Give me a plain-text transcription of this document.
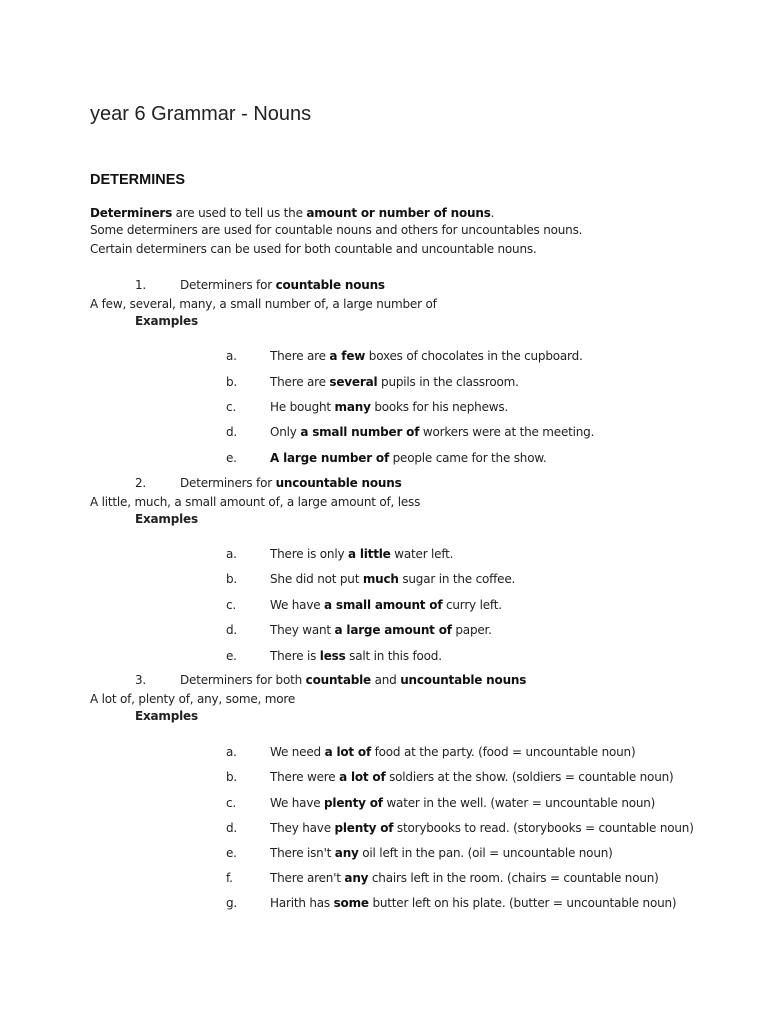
year 6 Grammar - Nouns
DETERMINES
Determiners are used to tell us the amount or number of nouns.
Some determiners are used for countable nouns and others for uncountables nouns.
Certain determiners can be used for both countable and uncountable nouns.
1.	Determiners for countable nouns
A few, several, many, a small number of, a large number of
Examples
a.	There are a few boxes of chocolates in the cupboard.
b.	There are several pupils in the classroom.
c.	He bought many books for his nephews.
d.	Only a small number of workers were at the meeting.
e.	A large number of people came for the show.
2.	Determiners for uncountable nouns
A little, much, a small amount of, a large amount of, less
Examples
a.	There is only a little water left.
b.	She did not put much sugar in the coffee.
c.	We have a small amount of curry left.
d.	They want a large amount of paper.
e.	There is less salt in this food.
3.	Determiners for both countable and uncountable nouns
A lot of, plenty of, any, some, more
Examples
a.	We need a lot of food at the party. (food = uncountable noun)
b.	There were a lot of soldiers at the show. (soldiers = countable noun)
c.	We have plenty of water in the well. (water = uncountable noun)
d.	They have plenty of storybooks to read. (storybooks = countable noun)
e.	There isn't any oil left in the pan. (oil = uncountable noun)
f.	There aren't any chairs left in the room. (chairs = countable noun)
g.	Harith has some butter left on his plate. (butter = uncountable noun)
